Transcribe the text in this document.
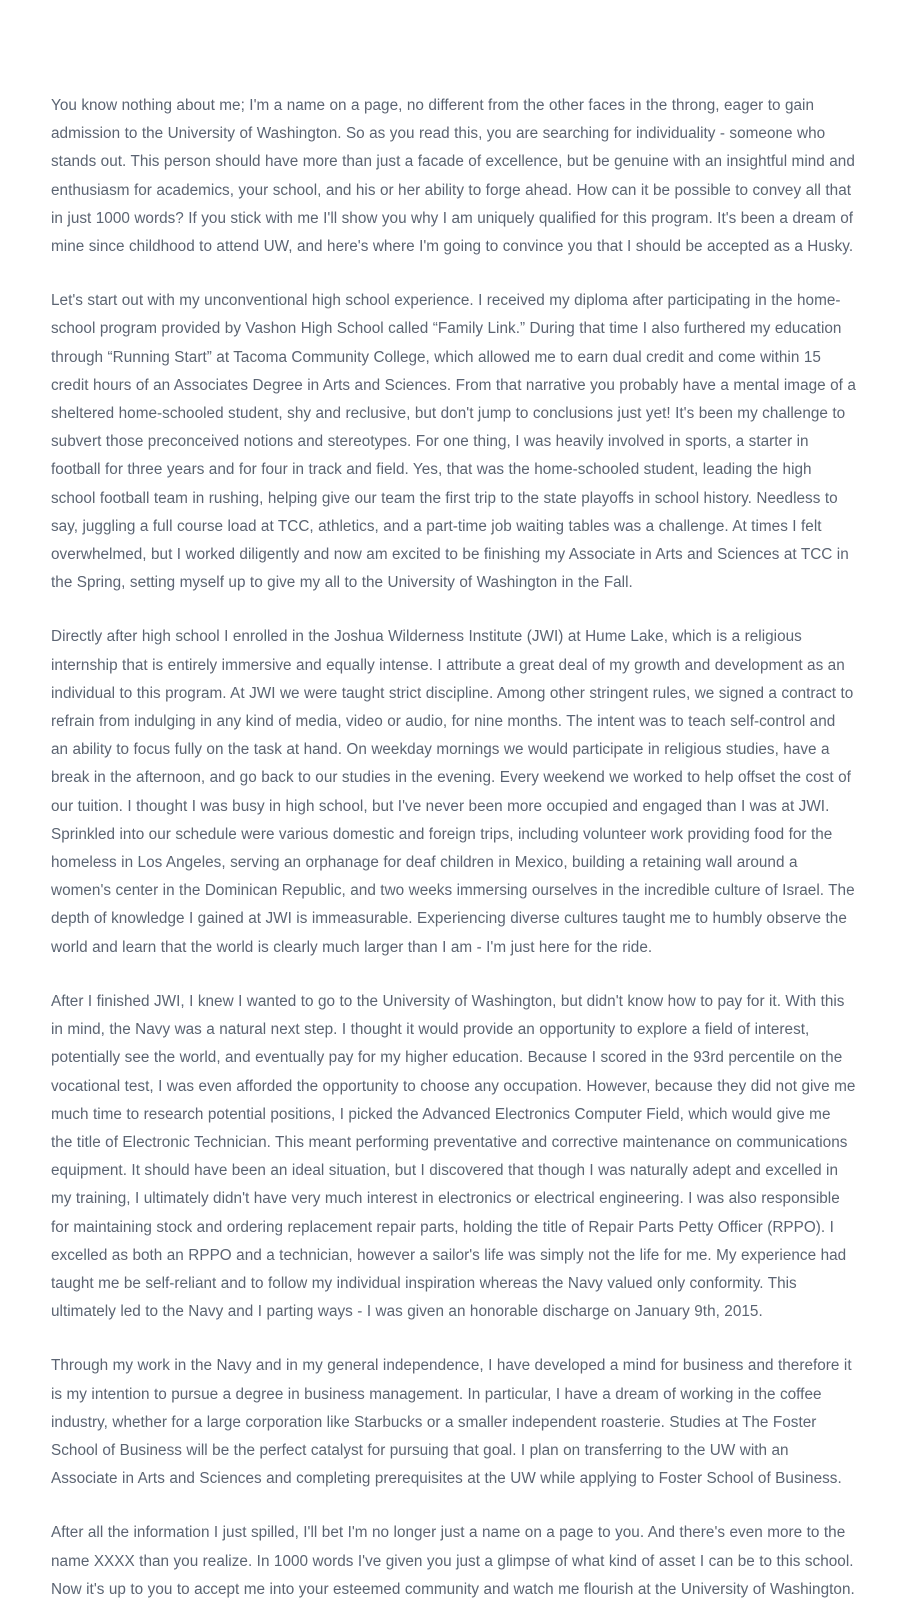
You know nothing about me; I'm a name on a page, no different from the other faces in the throng, eager to gain admission to the University of Washington. So as you read this, you are searching for individuality - someone who stands out. This person should have more than just a facade of excellence, but be genuine with an insightful mind and enthusiasm for academics, your school, and his or her ability to forge ahead. How can it be possible to convey all that in just 1000 words? If you stick with me I'll show you why I am uniquely qualified for this program. It's been a dream of mine since childhood to attend UW, and here's where I'm going to convince you that I should be accepted as a Husky.

Let's start out with my unconventional high school experience. I received my diploma after participating in the home-school program provided by Vashon High School called “Family Link.” During that time I also furthered my education through “Running Start” at Tacoma Community College, which allowed me to earn dual credit and come within 15 credit hours of an Associates Degree in Arts and Sciences. From that narrative you probably have a mental image of a sheltered home-schooled student, shy and reclusive, but don't jump to conclusions just yet! It's been my challenge to subvert those preconceived notions and stereotypes. For one thing, I was heavily involved in sports, a starter in football for three years and for four in track and field. Yes, that was the home-schooled student, leading the high school football team in rushing, helping give our team the first trip to the state playoffs in school history. Needless to say, juggling a full course load at TCC, athletics, and a part-time job waiting tables was a challenge. At times I felt overwhelmed, but I worked diligently and now am excited to be finishing my Associate in Arts and Sciences at TCC in the Spring, setting myself up to give my all to the University of Washington in the Fall.

Directly after high school I enrolled in the Joshua Wilderness Institute (JWI) at Hume Lake, which is a religious internship that is entirely immersive and equally intense. I attribute a great deal of my growth and development as an individual to this program. At JWI we were taught strict discipline. Among other stringent rules, we signed a contract to refrain from indulging in any kind of media, video or audio, for nine months. The intent was to teach self-control and an ability to focus fully on the task at hand. On weekday mornings we would participate in religious studies, have a break in the afternoon, and go back to our studies in the evening. Every weekend we worked to help offset the cost of our tuition. I thought I was busy in high school, but I've never been more occupied and engaged than I was at JWI. Sprinkled into our schedule were various domestic and foreign trips, including volunteer work providing food for the homeless in Los Angeles, serving an orphanage for deaf children in Mexico, building a retaining wall around a women's center in the Dominican Republic, and two weeks immersing ourselves in the incredible culture of Israel. The depth of knowledge I gained at JWI is immeasurable. Experiencing diverse cultures taught me to humbly observe the world and learn that the world is clearly much larger than I am - I'm just here for the ride.

After I finished JWI, I knew I wanted to go to the University of Washington, but didn't know how to pay for it. With this in mind, the Navy was a natural next step. I thought it would provide an opportunity to explore a field of interest, potentially see the world, and eventually pay for my higher education. Because I scored in the 93rd percentile on the vocational test, I was even afforded the opportunity to choose any occupation. However, because they did not give me much time to research potential positions, I picked the Advanced Electronics Computer Field, which would give me the title of Electronic Technician. This meant performing preventative and corrective maintenance on communications equipment. It should have been an ideal situation, but I discovered that though I was naturally adept and excelled in my training, I ultimately didn't have very much interest in electronics or electrical engineering. I was also responsible for maintaining stock and ordering replacement repair parts, holding the title of Repair Parts Petty Officer (RPPO). I excelled as both an RPPO and a technician, however a sailor's life was simply not the life for me. My experience had taught me be self-reliant and to follow my individual inspiration whereas the Navy valued only conformity. This ultimately led to the Navy and I parting ways - I was given an honorable discharge on January 9th, 2015.

Through my work in the Navy and in my general independence, I have developed a mind for business and therefore it is my intention to pursue a degree in business management. In particular, I have a dream of working in the coffee industry, whether for a large corporation like Starbucks or a smaller independent roasterie. Studies at The Foster School of Business will be the perfect catalyst for pursuing that goal. I plan on transferring to the UW with an Associate in Arts and Sciences and completing prerequisites at the UW while applying to Foster School of Business.

After all the information I just spilled, I'll bet I'm no longer just a name on a page to you. And there's even more to the name XXXX than you realize. In 1000 words I've given you just a glimpse of what kind of asset I can be to this school. Now it's up to you to accept me into your esteemed community and watch me flourish at the University of Washington.
